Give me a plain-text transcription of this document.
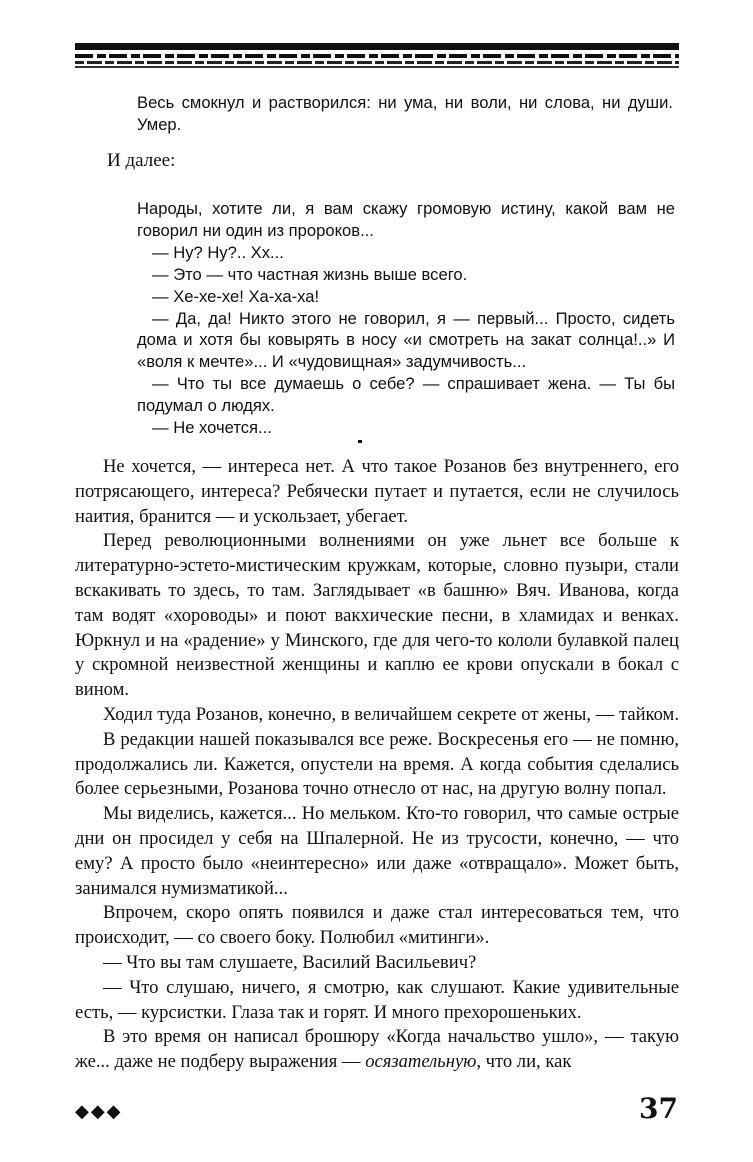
Весь смокнул и растворился: ни ума, ни воли, ни слова, ни души. Умер.

И далее:

Народы, хотите ли, я вам скажу громовую истину, какой вам не говорил ни один из пророков...

— Ну? Ну?.. Хх...

— Это — что частная жизнь выше всего.

— Хе-хе-хе! Ха-ха-ха!

— Да, да! Никто этого не говорил, я — первый... Просто, сидеть дома и хотя бы ковырять в носу «и смотреть на закат солнца!..» И «воля к мечте»... И «чудовищная» задумчивость...

— Что ты все думаешь о себе? — спрашивает жена. — Ты бы подумал о людях.

— Не хочется...

Не хочется, — интереса нет. А что такое Розанов без внутреннего, его потрясающего, интереса? Ребячески путает и путается, если не случилось наития, бранится — и ускользает, убегает.

Перед революционными волнениями он уже льнет все больше к литературно-эстето-мистическим кружкам, которые, словно пузыри, стали вскакивать то здесь, то там. Заглядывает «в башню» Вяч. Иванова, когда там водят «хороводы» и поют вакхические песни, в хламидах и венках. Юркнул и на «радение» у Минского, где для чего-то кололи булавкой палец у скромной неизвестной женщины и каплю ее крови опускали в бокал с вином.

Ходил туда Розанов, конечно, в величайшем секрете от жены, — тайком.

В редакции нашей показывался все реже. Воскресенья его — не помню, продолжались ли. Кажется, опустели на время. А когда события сделались более серьезными, Розанова точно отнесло от нас, на другую волну попал.

Мы виделись, кажется... Но мельком. Кто-то говорил, что самые острые дни он просидел у себя на Шпалерной. Не из трусости, конечно, — что ему? А просто было «неинтересно» или даже «отвращало». Может быть, занимался нумизматикой...

Впрочем, скоро опять появился и даже стал интересоваться тем, что происходит, — со своего боку. Полюбил «митинги».

— Что вы там слушаете, Василий Васильевич?

— Что слушаю, ничего, я смотрю, как слушают. Какие удивительные есть, — курсистки. Глаза так и горят. И много прехорошеньких.

В это время он написал брошюру «Когда начальство ушло», — такую же... даже не подберу выражения — осязательную, что ли, как

◆◆◆	37
